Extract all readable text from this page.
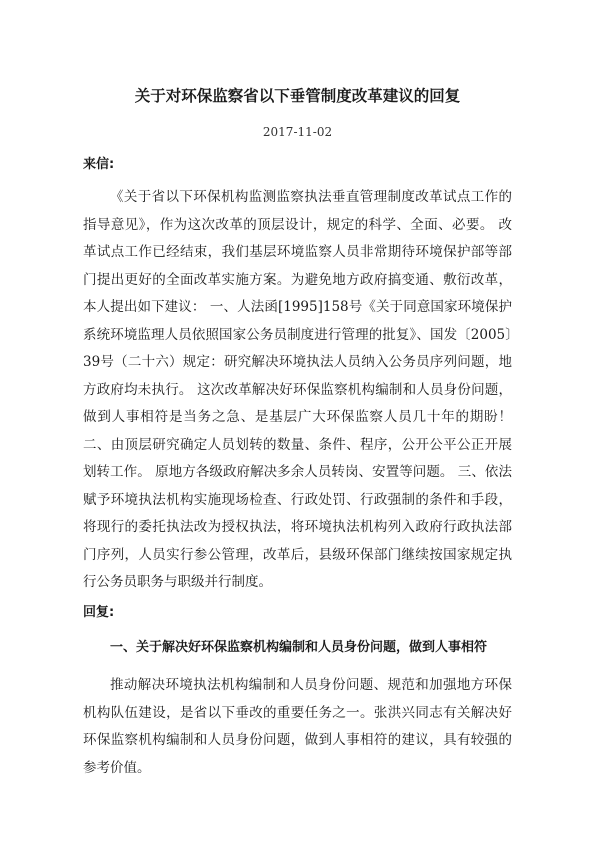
关于对环保监察省以下垂管制度改革建议的回复
2017-11-02
来信:

《关于省以下环保机构监测监察执法垂直管理制度改革试点工作的指导意见》，作为这次改革的顶层设计，规定的科学、全面、必要。 改革试点工作已经结束，我们基层环境监察人员非常期待环境保护部等部门提出更好的全面改革实施方案。为避免地方政府搞变通、敷衍改革，本人提出如下建议： 一、人法函[1995]158号《关于同意国家环境保护系统环境监理人员依照国家公务员制度进行管理的批复》、国发〔2005〕39号（二十六）规定：研究解决环境执法人员纳入公务员序列问题，地方政府均未执行。 这次改革解决好环保监察机构编制和人员身份问题，做到人事相符是当务之急、是基层广大环保监察人员几十年的期盼！ 二、由顶层研究确定人员划转的数量、条件、程序，公开公平公正开展划转工作。 原地方各级政府解决多余人员转岗、安置等问题。 三、依法赋予环境执法机构实施现场检查、行政处罚、行政强制的条件和手段，将现行的委托执法改为授权执法，将环境执法机构列入政府行政执法部门序列，人员实行参公管理，改革后，县级环保部门继续按国家规定执行公务员职务与职级并行制度。

回复:

一、关于解决好环保监察机构编制和人员身份问题，做到人事相符

推动解决环境执法机构编制和人员身份问题、规范和加强地方环保机构队伍建设，是省以下垂改的重要任务之一。张洪兴同志有关解决好环保监察机构编制和人员身份问题，做到人事相符的建议，具有较强的参考价值。
